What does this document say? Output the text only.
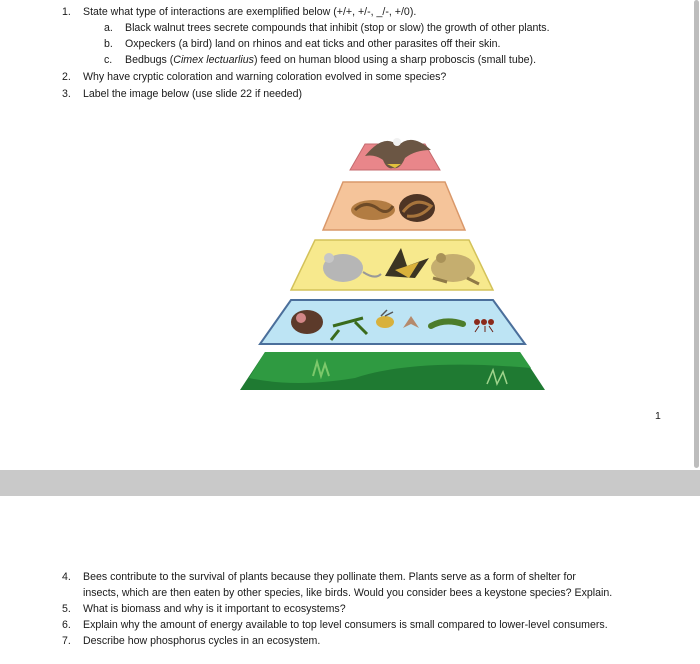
1. State what type of interactions are exemplified below (+/+, +/-, _/-, +/0).
a. Black walnut trees secrete compounds that inhibit (stop or slow) the growth of other plants.
b. Oxpeckers (a bird) land on rhinos and eat ticks and other parasites off their skin.
c. Bedbugs (Cimex lectuarlius) feed on human blood using a sharp proboscis (small tube).
2. Why have cryptic coloration and warning coloration evolved in some species?
3. Label the image below (use slide 22 if needed)
1
4. Bees contribute to the survival of plants because they pollinate them. Plants serve as a form of shelter for
insects, which are then eaten by other species, like birds. Would you consider bees a keystone species? Explain.
5. What is biomass and why is it important to ecosystems?
6. Explain why the amount of energy available to top level consumers is small compared to lower-level consumers.
7. Describe how phosphorus cycles in an ecosystem.
